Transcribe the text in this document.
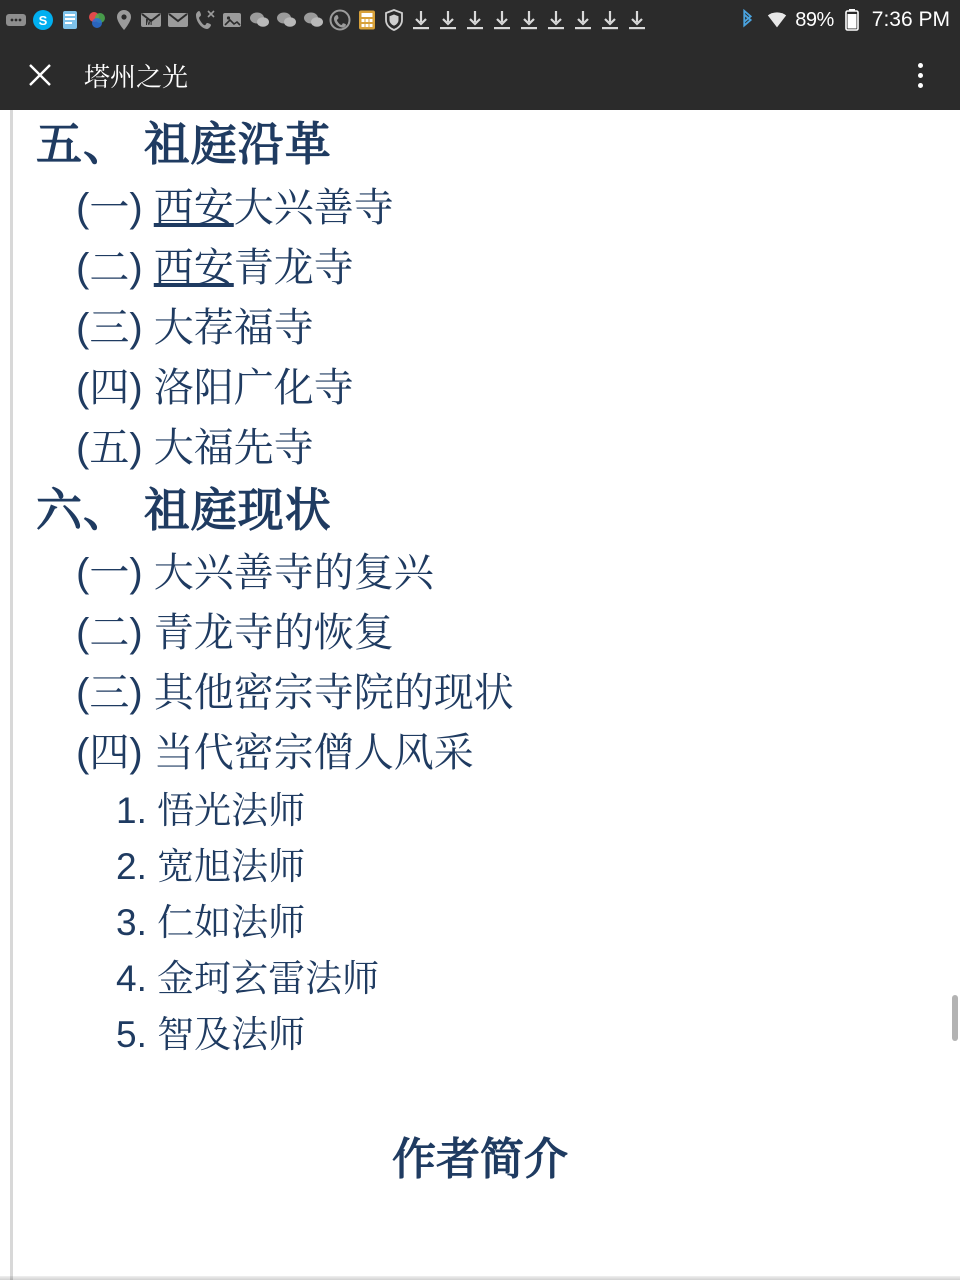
S	M	89% 7:36 PM
塔州之光
五、 祖庭沿革
(一) 西安大兴善寺
(二) 西安青龙寺
(三) 大荐福寺
(四) 洛阳广化寺
(五) 大福先寺
六、 祖庭现状
(一) 大兴善寺的复兴
(二) 青龙寺的恢复
(三) 其他密宗寺院的现状
(四) 当代密宗僧人风采
1. 悟光法师
2. 宽旭法师
3. 仁如法师
4. 金珂玄雷法师
5. 智及法师
作者简介
